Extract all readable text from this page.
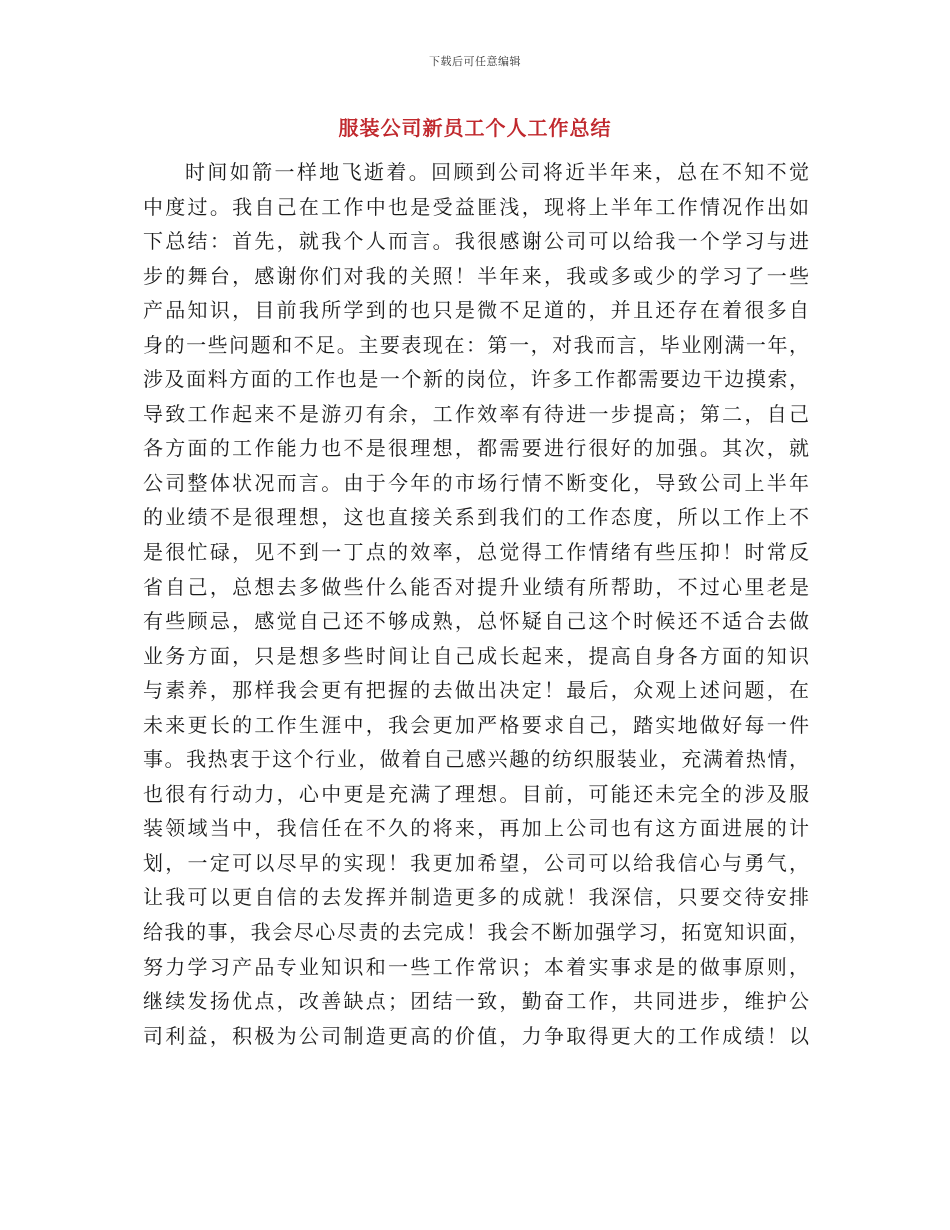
下载后可任意编辑
服装公司新员工个人工作总结
时间如箭一样地飞逝着。回顾到公司将近半年来，总在不知不觉
中度过。我自己在工作中也是受益匪浅，现将上半年工作情况作出如
下总结：首先，就我个人而言。我很感谢公司可以给我一个学习与进
步的舞台，感谢你们对我的关照！半年来，我或多或少的学习了一些
产品知识，目前我所学到的也只是微不足道的，并且还存在着很多自
身的一些问题和不足。主要表现在：第一，对我而言，毕业刚满一年，
涉及面料方面的工作也是一个新的岗位，许多工作都需要边干边摸索，
导致工作起来不是游刃有余，工作效率有待进一步提高；第二，自己
各方面的工作能力也不是很理想，都需要进行很好的加强。其次，就
公司整体状况而言。由于今年的市场行情不断变化，导致公司上半年
的业绩不是很理想，这也直接关系到我们的工作态度，所以工作上不
是很忙碌，见不到一丁点的效率，总觉得工作情绪有些压抑！时常反
省自己，总想去多做些什么能否对提升业绩有所帮助，不过心里老是
有些顾忌，感觉自己还不够成熟，总怀疑自己这个时候还不适合去做
业务方面，只是想多些时间让自己成长起来，提高自身各方面的知识
与素养，那样我会更有把握的去做出决定！最后，众观上述问题，在
未来更长的工作生涯中，我会更加严格要求自己，踏实地做好每一件
事。我热衷于这个行业，做着自己感兴趣的纺织服装业，充满着热情，
也很有行动力，心中更是充满了理想。目前，可能还未完全的涉及服
装领域当中，我信任在不久的将来，再加上公司也有这方面进展的计
划，一定可以尽早的实现！我更加希望，公司可以给我信心与勇气，
让我可以更自信的去发挥并制造更多的成就！我深信，只要交待安排
给我的事，我会尽心尽责的去完成！我会不断加强学习，拓宽知识面，
努力学习产品专业知识和一些工作常识；本着实事求是的做事原则，
继续发扬优点，改善缺点；团结一致，勤奋工作，共同进步，维护公
司利益，积极为公司制造更高的价值，力争取得更大的工作成绩！以
